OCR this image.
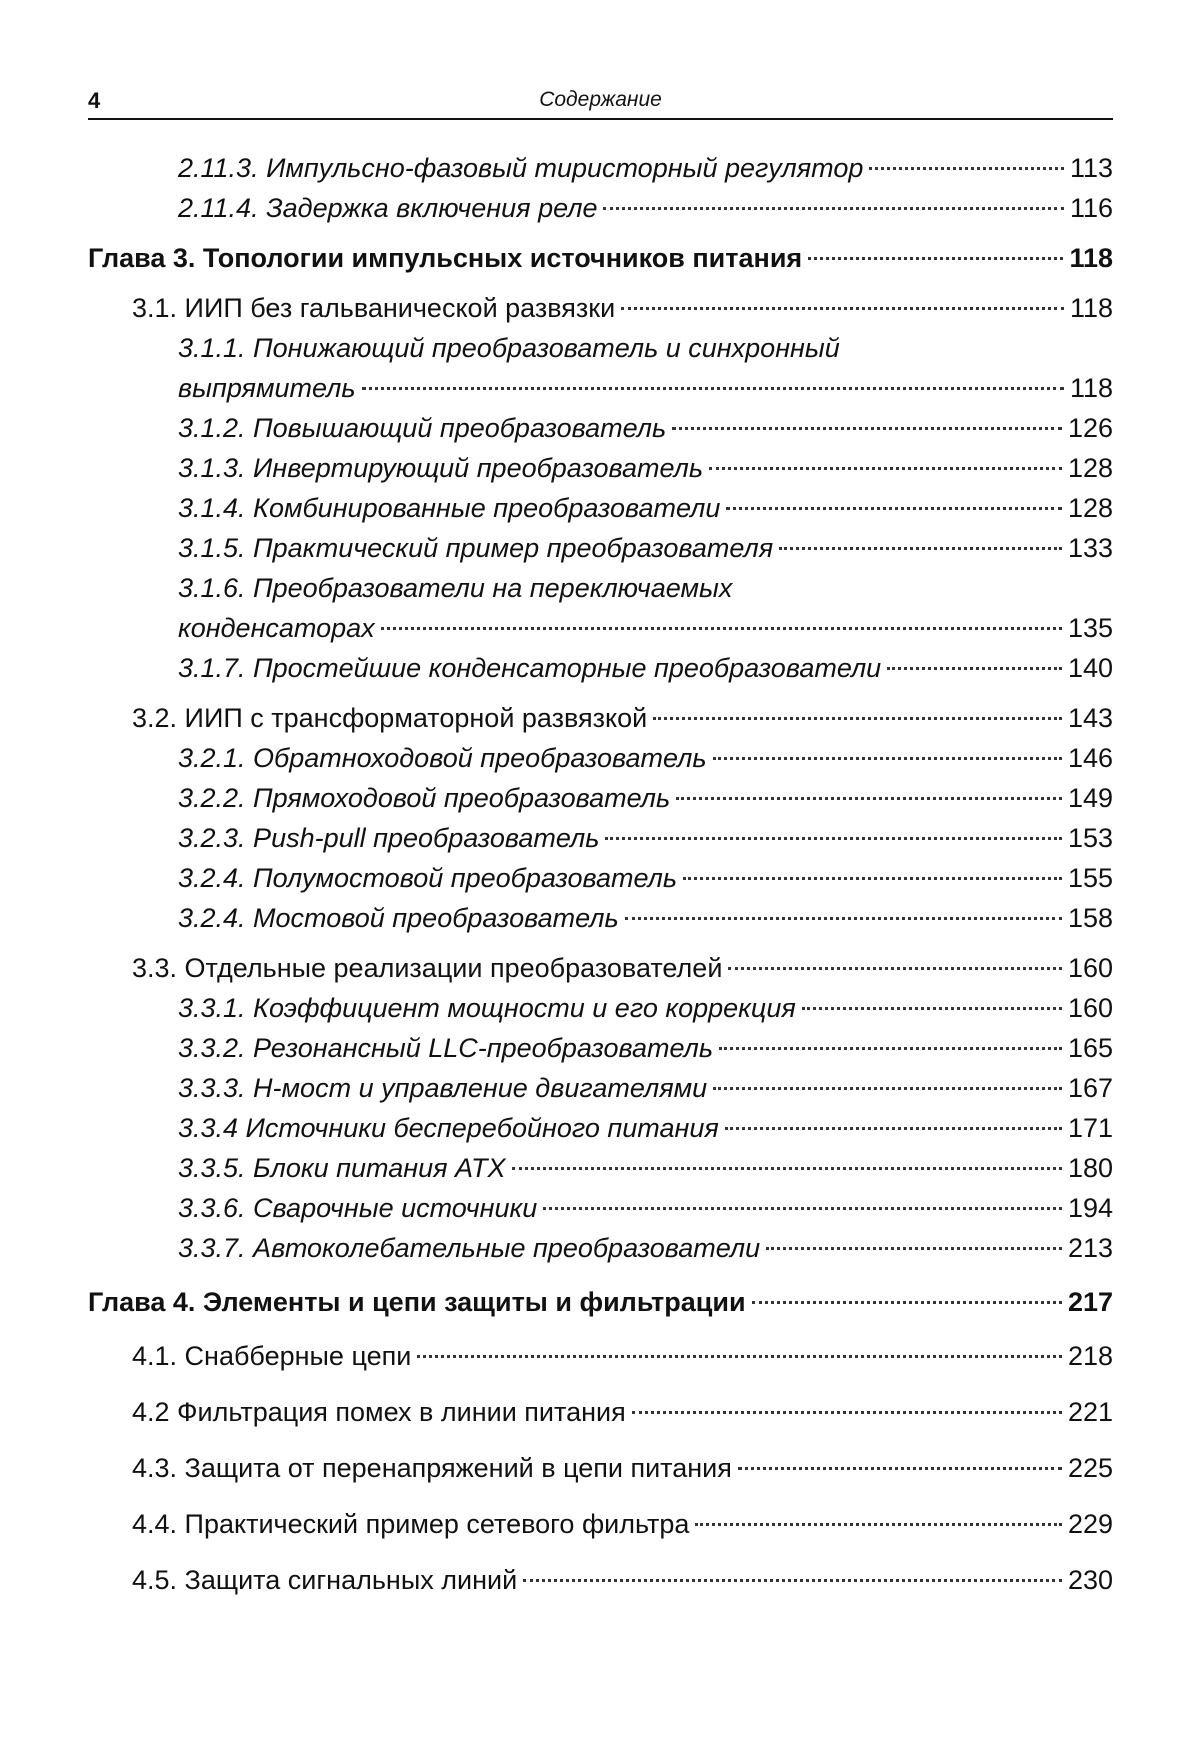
4	Содержание
2.11.3. Импульсно-фазовый тиристорный регулятор	113
2.11.4. Задержка включения реле	116
Глава 3. Топологии импульсных источников питания	118
3.1. ИИП без гальванической развязки	118
3.1.1. Понижающий преобразователь и синхронный
выпрямитель	118
3.1.2. Повышающий преобразователь	126
3.1.3. Инвертирующий преобразователь	128
3.1.4. Комбинированные преобразователи	128
3.1.5. Практический пример преобразователя	133
3.1.6. Преобразователи на переключаемых
конденсаторах	135
3.1.7. Простейшие конденсаторные преобразователи	140
3.2. ИИП с трансформаторной развязкой	143
3.2.1. Обратноходовой преобразователь	146
3.2.2. Прямоходовой преобразователь	149
3.2.3. Push-pull преобразователь	153
3.2.4. Полумостовой преобразователь	155
3.2.4. Мостовой преобразователь	158
3.3. Отдельные реализации преобразователей	160
3.3.1. Коэффициент мощности и его коррекция	160
3.3.2. Резонансный LLC-преобразователь	165
3.3.3. H-мост и управление двигателями	167
3.3.4 Источники бесперебойного питания	171
3.3.5. Блоки питания ATX	180
3.3.6. Сварочные источники	194
3.3.7. Автоколебательные преобразователи	213
Глава 4. Элементы и цепи защиты и фильтрации	217
4.1. Снабберные цепи	218
4.2 Фильтрация помех в линии питания	221
4.3. Защита от перенапряжений в цепи питания	225
4.4. Практический пример сетевого фильтра	229
4.5. Защита сигнальных линий	230
